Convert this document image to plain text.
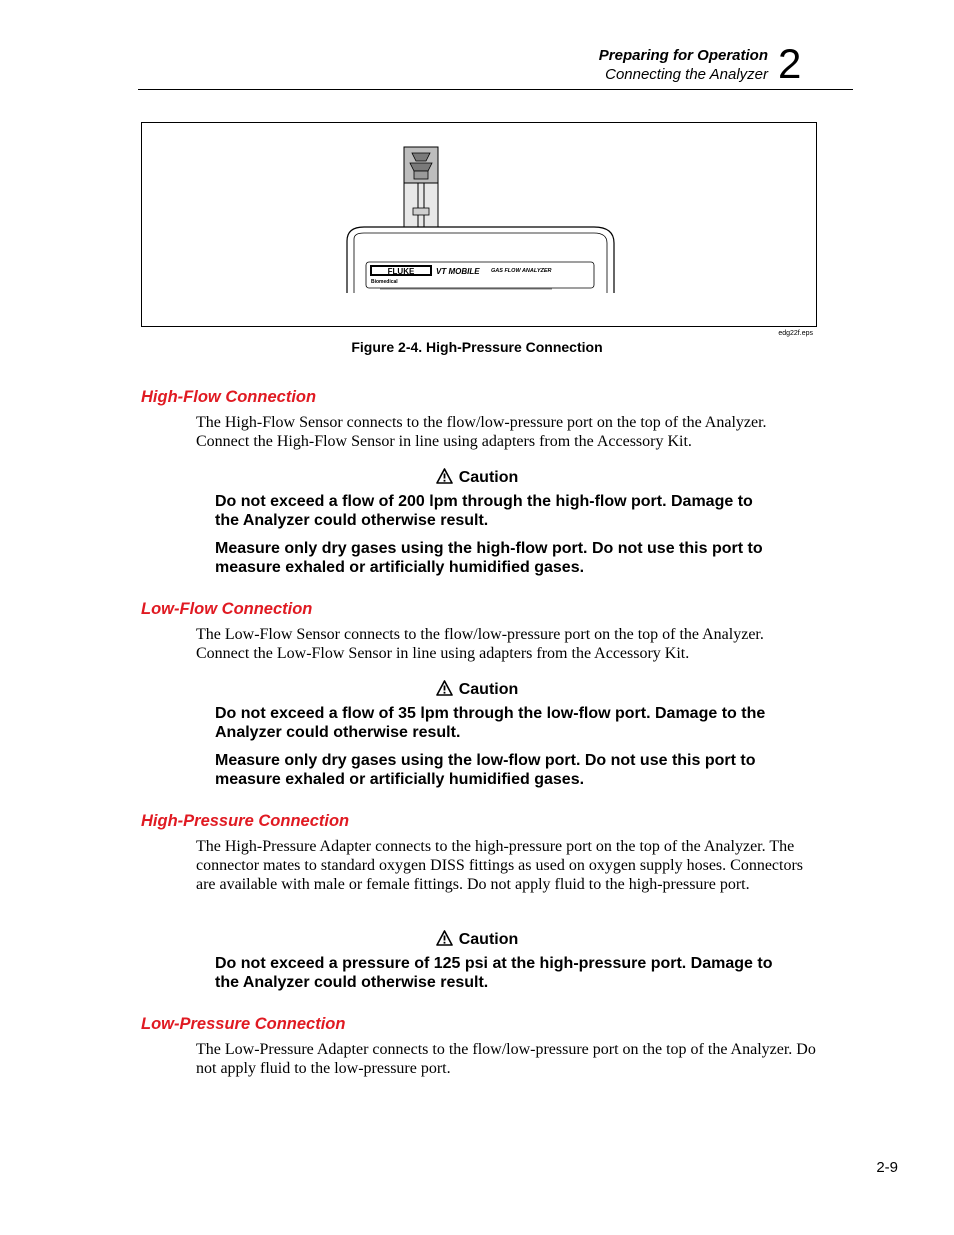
Preparing for Operation
Connecting the Analyzer 2
FLUKE
Biomedical
VT MOBILE GAS FLOW ANALYZER
edg22f.eps
Figure 2-4. High-Pressure Connection
High-Flow Connection

The High-Flow Sensor connects to the flow/low-pressure port on the top of the Analyzer. Connect the High-Flow Sensor in line using adapters from the Accessory Kit.

Caution

Do not exceed a flow of 200 lpm through the high-flow port. Damage to the Analyzer could otherwise result.

Measure only dry gases using the high-flow port. Do not use this port to measure exhaled or artificially humidified gases.

Low-Flow Connection

The Low-Flow Sensor connects to the flow/low-pressure port on the top of the Analyzer. Connect the Low-Flow Sensor in line using adapters from the Accessory Kit.

Caution

Do not exceed a flow of 35 lpm through the low-flow port. Damage to the Analyzer could otherwise result.

Measure only dry gases using the low-flow port. Do not use this port to measure exhaled or artificially humidified gases.

High-Pressure Connection

The High-Pressure Adapter connects to the high-pressure port on the top of the Analyzer. The connector mates to standard oxygen DISS fittings as used on oxygen supply hoses. Connectors are available with male or female fittings. Do not apply fluid to the high-pressure port.

Caution

Do not exceed a pressure of 125 psi at the high-pressure port. Damage to the Analyzer could otherwise result.

Low-Pressure Connection

The Low-Pressure Adapter connects to the flow/low-pressure port on the top of the Analyzer. Do not apply fluid to the low-pressure port.

2-9
